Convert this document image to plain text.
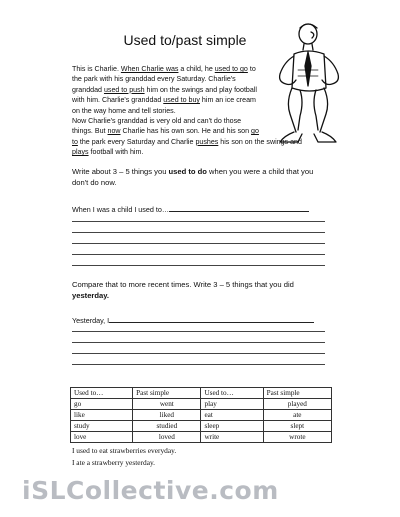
Used to/past simple
This is Charlie. When Charlie was a child, he used to go to
the park with his granddad every Saturday. Charlie's
granddad used to push him on the swings and play football
with him. Charlie's granddad used to buy him an ice cream
on the way home and tell stories.
Now Charlie's granddad is very old and can't do those
things. But now Charlie has his own son. He and his son go
to the park every Saturday and Charlie pushes his son on the swings and
plays football with him.
Write about 3 – 5 things you used to do when you were a child that you don't do now.
When I was a child I used to…
Compare that to more recent times. Write 3 – 5 things that you did yesterday.
Yesterday, I
Used to…	Past simple	Used to…	Past simple
go	went	play	played
like	liked	eat	ate
study	studied	sleep	slept
love	loved	write	wrote
I used to eat strawberries everyday.
I ate a strawberry yesterday.
iSLCollective.com
